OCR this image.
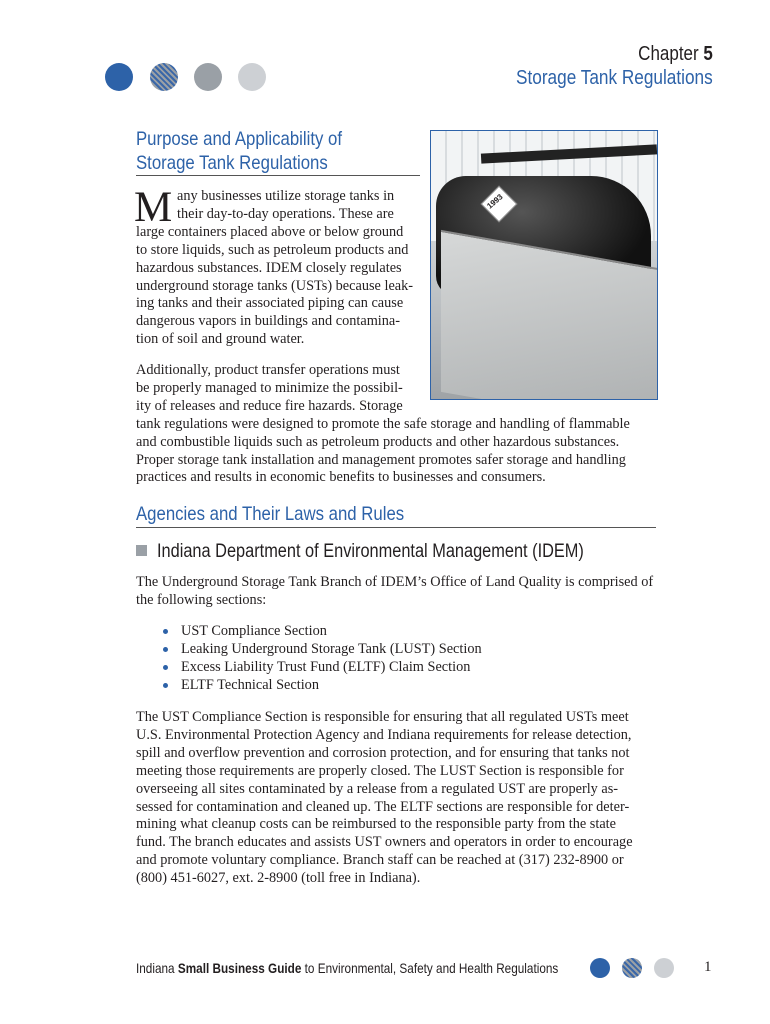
Chapter 5
Storage Tank Regulations
Purpose and Applicability of
Storage Tank Regulations
1993
M any businesses utilize storage tanks in
their day-to-day operations. These are
large containers placed above or below ground
to store liquids, such as petroleum products and
hazardous substances. IDEM closely regulates
underground storage tanks (USTs) because leak-
ing tanks and their associated piping can cause
dangerous vapors in buildings and contamina-
tion of soil and ground water.
Additionally, product transfer operations must
be properly managed to minimize the possibil-
ity of releases and reduce fire hazards. Storage
tank regulations were designed to promote the safe storage and handling of flammable
and combustible liquids such as petroleum products and other hazardous substances.
Proper storage tank installation and management promotes safer storage and handling
practices and results in economic benefits to businesses and consumers.
Agencies and Their Laws and Rules
Indiana Department of Environmental Management (IDEM)
The Underground Storage Tank Branch of IDEM’s Office of Land Quality is comprised of
the following sections:
UST Compliance Section
Leaking Underground Storage Tank (LUST) Section
Excess Liability Trust Fund (ELTF) Claim Section
ELTF Technical Section
The UST Compliance Section is responsible for ensuring that all regulated USTs meet
U.S. Environmental Protection Agency and Indiana requirements for release detection,
spill and overflow prevention and corrosion protection, and for ensuring that tanks not
meeting those requirements are properly closed. The LUST Section is responsible for
overseeing all sites contaminated by a release from a regulated UST are properly as-
sessed for contamination and cleaned up. The ELTF sections are responsible for deter-
mining what cleanup costs can be reimbursed to the responsible party from the state
fund. The branch educates and assists UST owners and operators in order to encourage
and promote voluntary compliance. Branch staff can be reached at (317) 232-8900 or
(800) 451-6027, ext. 2-8900 (toll free in Indiana).
Indiana Small Business Guide to Environmental, Safety and Health Regulations	1
